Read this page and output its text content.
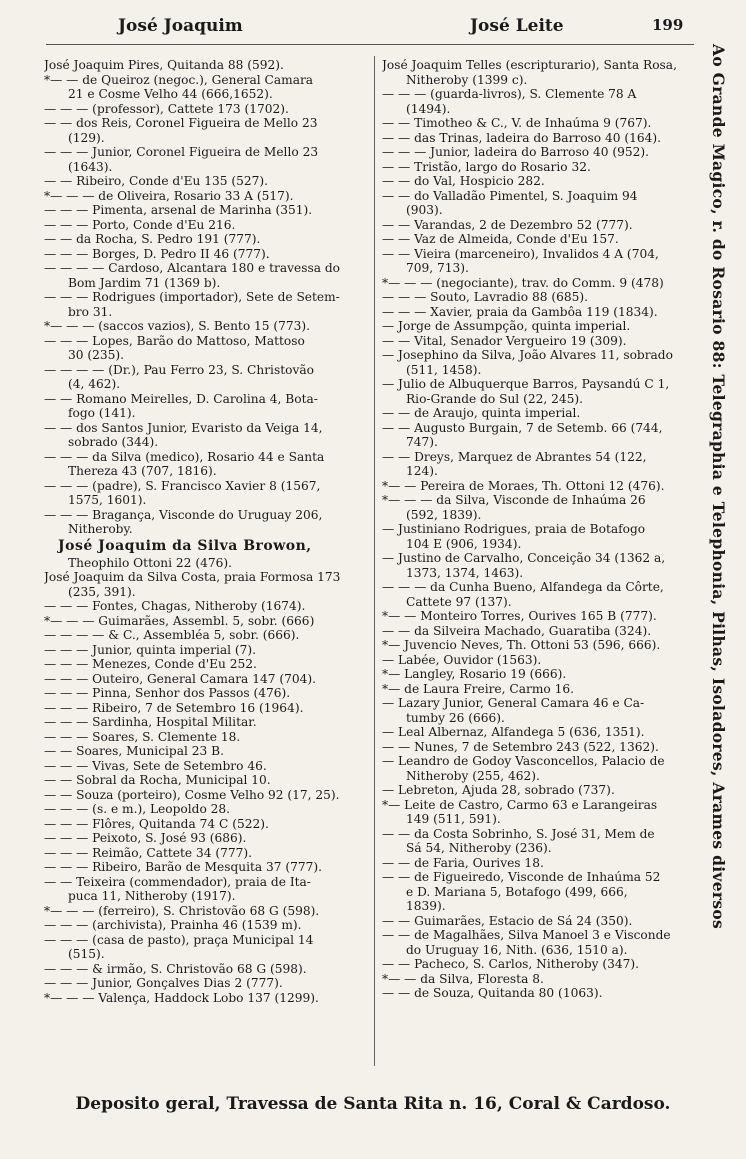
José Joaquim	José Leite	199
José Joaquim Pires, Quitanda 88 (592).
*— — de Queiroz (negoc.), General Camara
21 e Cosme Velho 44 (666,1652).
— — — (professor), Cattete 173 (1702).
— — dos Reis, Coronel Figueira de Mello 23
(129).
— — — Junior, Coronel Figueira de Mello 23
(1643).
— — Ribeiro, Conde d'Eu 135 (527).
*— — — de Oliveira, Rosario 33 A (517).
— — — Pimenta, arsenal de Marinha (351).
— — — Porto, Conde d'Eu 216.
— — da Rocha, S. Pedro 191 (777).
— — — Borges, D. Pedro II 46 (777).
— — — — Cardoso, Alcantara 180 e travessa do
Bom Jardim 71 (1369 b).
— — — Rodrigues (importador), Sete de Setem-
bro 31.
*— — — (saccos vazios), S. Bento 15 (773).
— — — Lopes, Barão do Mattoso, Mattoso
30 (235).
— — — — (Dr.), Pau Ferro 23, S. Christovão
(4, 462).
— — Romano Meirelles, D. Carolina 4, Bota-
fogo (141).
— — dos Santos Junior, Evaristo da Veiga 14,
sobrado (344).
— — — da Silva (medico), Rosario 44 e Santa
Thereza 43 (707, 1816).
— — — (padre), S. Francisco Xavier 8 (1567,
1575, 1601).
— — — Bragança, Visconde do Uruguay 206,
Nitheroby.
José Joaquim da Silva Browon,
Theophilo Ottoni 22 (476).
José Joaquim da Silva Costa, praia Formosa 173
(235, 391).
— — — Fontes, Chagas, Nitheroby (1674).
*— — — Guimarães, Assembl. 5, sobr. (666)
— — — — & C., Assembléa 5, sobr. (666).
— — — Junior, quinta imperial (7).
— — — Menezes, Conde d'Eu 252.
— — — Outeiro, General Camara 147 (704).
— — — Pinna, Senhor dos Passos (476).
— — — Ribeiro, 7 de Setembro 16 (1964).
— — — Sardinha, Hospital Militar.
— — — Soares, S. Clemente 18.
— — Soares, Municipal 23 B.
— — — Vivas, Sete de Setembro 46.
— — Sobral da Rocha, Municipal 10.
— — Souza (porteiro), Cosme Velho 92 (17, 25).
— — — (s. e m.), Leopoldo 28.
— — — Flôres, Quitanda 74 C (522).
— — — Peixoto, S. José 93 (686).
— — — Reimão, Cattete 34 (777).
— — — Ribeiro, Barão de Mesquita 37 (777).
— — Teixeira (commendador), praia de Ita-
puca 11, Nitheroby (1917).
*— — — (ferreiro), S. Christovão 68 G (598).
— — — (archivista), Prainha 46 (1539 m).
— — — (casa de pasto), praça Municipal 14
(515).
— — — & irmão, S. Christovão 68 G (598).
— — — Junior, Gonçalves Dias 2 (777).
*— — — Valença, Haddock Lobo 137 (1299).
José Joaquim Telles (escripturario), Santa Rosa,
Nitheroby (1399 c).
— — — (guarda-livros), S. Clemente 78 A
(1494).
— — Timotheo & C., V. de Inhaúma 9 (767).
— — das Trinas, ladeira do Barroso 40 (164).
— — — Junior, ladeira do Barroso 40 (952).
— — Tristão, largo do Rosario 32.
— — do Val, Hospicio 282.
— — do Valladão Pimentel, S. Joaquim 94
(903).
— — Varandas, 2 de Dezembro 52 (777).
— — Vaz de Almeida, Conde d'Eu 157.
— — Vieira (marceneiro), Invalidos 4 A (704,
709, 713).
*— — — (negociante), trav. do Comm. 9 (478)
— — — Souto, Lavradio 88 (685).
— — — Xavier, praia da Gambôa 119 (1834).
— Jorge de Assumpção, quinta imperial.
— — Vital, Senador Vergueiro 19 (309).
— Josephino da Silva, João Alvares 11, sobrado
(511, 1458).
— Julio de Albuquerque Barros, Paysandú C 1,
Rio-Grande do Sul (22, 245).
— — de Araujo, quinta imperial.
— — Augusto Burgain, 7 de Setemb. 66 (744,
747).
— — Dreys, Marquez de Abrantes 54 (122,
124).
*— — Pereira de Moraes, Th. Ottoni 12 (476).
*— — — da Silva, Visconde de Inhaúma 26
(592, 1839).
— Justiniano Rodrigues, praia de Botafogo
104 E (906, 1934).
— Justino de Carvalho, Conceição 34 (1362 a,
1373, 1374, 1463).
— — — da Cunha Bueno, Alfandega da Côrte,
Cattete 97 (137).
*— — Monteiro Torres, Ourives 165 B (777).
— — da Silveira Machado, Guaratiba (324).
*— Juvencio Neves, Th. Ottoni 53 (596, 666).
— Labée, Ouvidor (1563).
*— Langley, Rosario 19 (666).
*— de Laura Freire, Carmo 16.
— Lazary Junior, General Camara 46 e Ca-
tumby 26 (666).
— Leal Albernaz, Alfandega 5 (636, 1351).
— — Nunes, 7 de Setembro 243 (522, 1362).
— Leandro de Godoy Vasconcellos, Palacio de
Nitheroby (255, 462).
— Lebreton, Ajuda 28, sobrado (737).
*— Leite de Castro, Carmo 63 e Larangeiras
149 (511, 591).
— — da Costa Sobrinho, S. José 31, Mem de
Sá 54, Nitheroby (236).
— — de Faria, Ourives 18.
— — de Figueiredo, Visconde de Inhaúma 52
e D. Mariana 5, Botafogo (499, 666,
1839).
— — Guimarães, Estacio de Sá 24 (350).
— — de Magalhães, Silva Manoel 3 e Visconde
do Uruguay 16, Nith. (636, 1510 a).
— — Pacheco, S. Carlos, Nitheroby (347).
*— — da Silva, Floresta 8.
— — de Souza, Quitanda 80 (1063).
Ao Grande Magico, r. do Rosario 88: Telegraphia e Telephonia, Pilhas, Isoladores, Arames diversos
Deposito geral, Travessa de Santa Rita n. 16, Coral & Cardoso.
